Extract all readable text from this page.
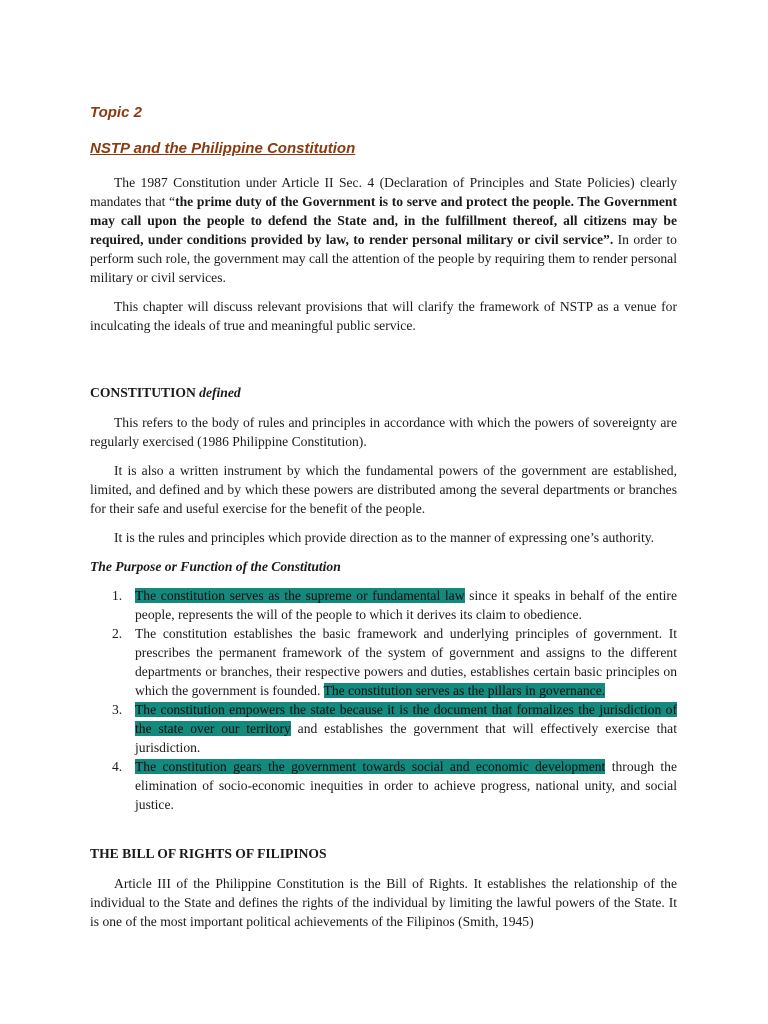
Topic 2
NSTP and the Philippine Constitution

The 1987 Constitution under Article II Sec. 4 (Declaration of Principles and State Policies) clearly mandates that “the prime duty of the Government is to serve and protect the people. The Government may call upon the people to defend the State and, in the fulfillment thereof, all citizens may be required, under conditions provided by law, to render personal military or civil service”. In order to perform such role, the government may call the attention of the people by requiring them to render personal military or civil services.

This chapter will discuss relevant provisions that will clarify the framework of NSTP as a venue for inculcating the ideals of true and meaningful public service.

CONSTITUTION defined

This refers to the body of rules and principles in accordance with which the powers of sovereignty are regularly exercised (1986 Philippine Constitution).

It is also a written instrument by which the fundamental powers of the government are established, limited, and defined and by which these powers are distributed among the several departments or branches for their safe and useful exercise for the benefit of the people.

It is the rules and principles which provide direction as to the manner of expressing one’s authority.

The Purpose or Function of the Constitution

1. The constitution serves as the supreme or fundamental law since it speaks in behalf of the entire people, represents the will of the people to which it derives its claim to obedience.
2. The constitution establishes the basic framework and underlying principles of government. It prescribes the permanent framework of the system of government and assigns to the different departments or branches, their respective powers and duties, establishes certain basic principles on which the government is founded. The constitution serves as the pillars in governance.
3. The constitution empowers the state because it is the document that formalizes the jurisdiction of the state over our territory and establishes the government that will effectively exercise that jurisdiction.
4. The constitution gears the government towards social and economic development through the elimination of socio-economic inequities in order to achieve progress, national unity, and social justice.

THE BILL OF RIGHTS OF FILIPINOS

Article III of the Philippine Constitution is the Bill of Rights. It establishes the relationship of the individual to the State and defines the rights of the individual by limiting the lawful powers of the State. It is one of the most important political achievements of the Filipinos (Smith, 1945)
